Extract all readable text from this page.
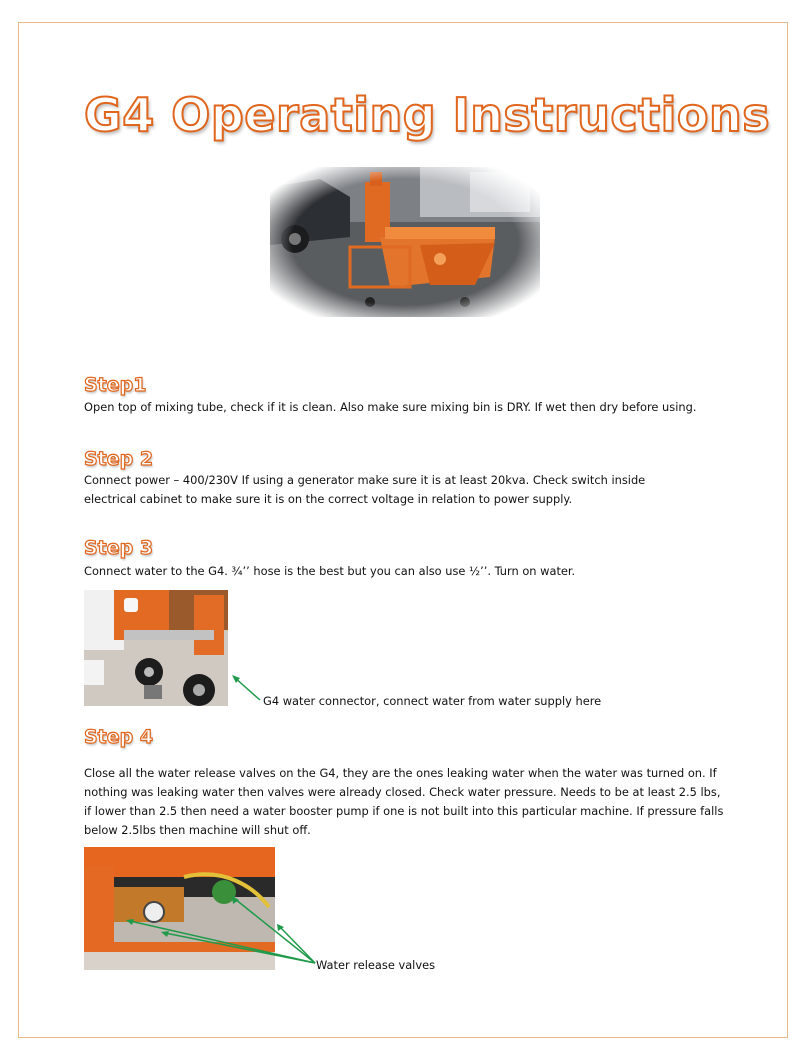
G4 Operating Instructions
Step1
Open top of mixing tube, check if it is clean. Also make sure mixing bin is DRY. If wet then dry before using.
Step 2
Connect power – 400/230V If using a generator make sure it is at least 20kva. Check switch inside electrical cabinet to make sure it is on the correct voltage in relation to power supply.
Step 3
Connect water to the G4. ¾’’ hose is the best but you can also use ½’’. Turn on water.
G4 water connector, connect water from water supply here
Step 4
Close all the water release valves on the G4, they are the ones leaking water when the water was turned on. If nothing was leaking water then valves were already closed. Check water pressure. Needs to be at least 2.5 lbs, if lower than 2.5 then need a water booster pump if one is not built into this particular machine. If pressure falls below 2.5lbs then machine will shut off.
Water release valves
